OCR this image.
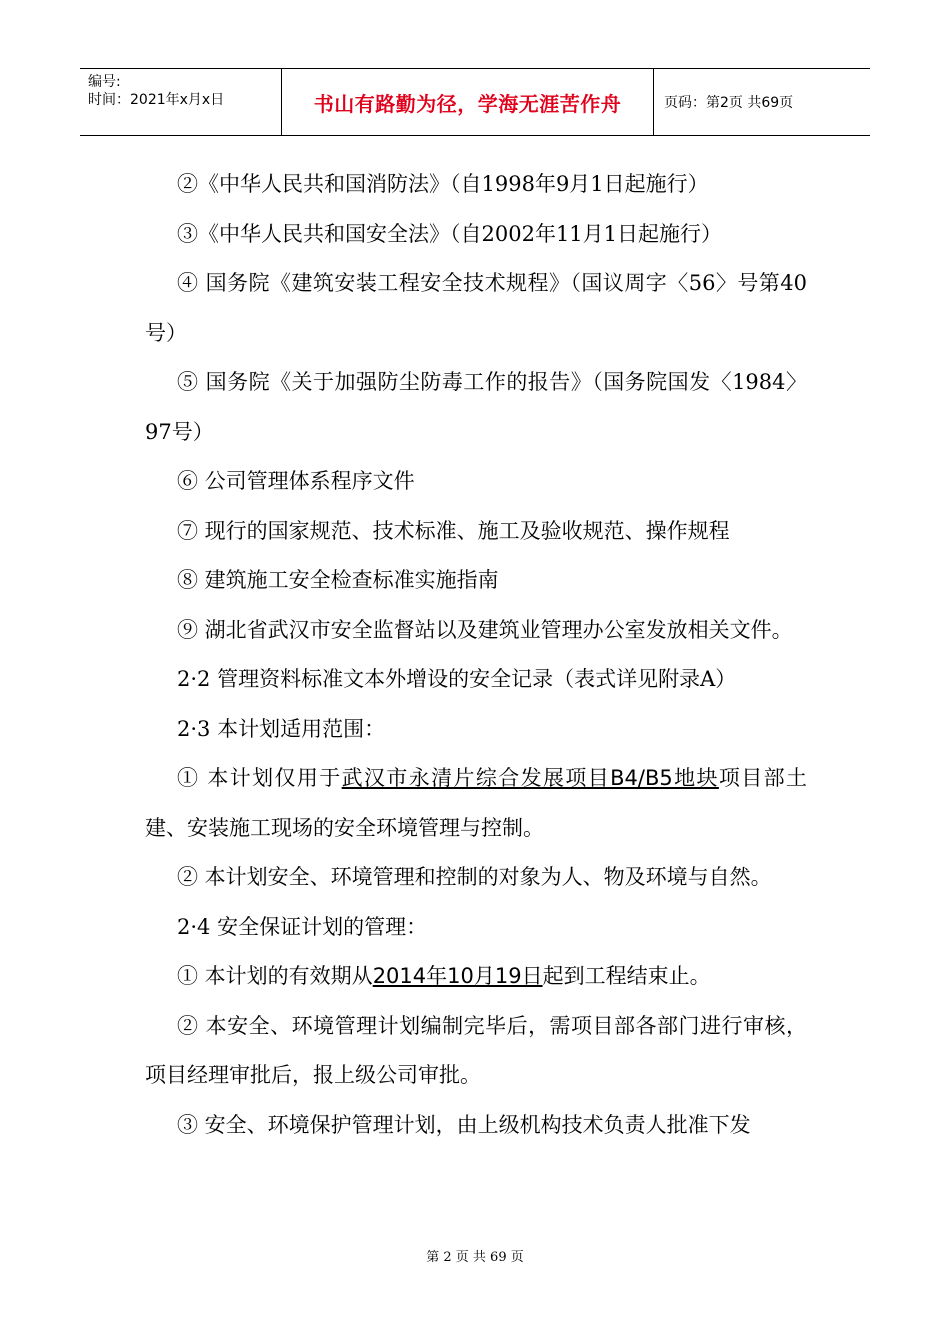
编号:
时间：2021年x月x日	书山有路勤为径，学海无涯苦作舟	页码：第2页 共69页

②《中华人民共和国消防法》（自1998年9月1日起施行）

③《中华人民共和国安全法》（自2002年11月1日起施行）

④ 国务院《建筑安装工程安全技术规程》（国议周字〈56〉号第40号）

⑤ 国务院《关于加强防尘防毒工作的报告》（国务院国发〈1984〉97号）

⑥ 公司管理体系程序文件

⑦ 现行的国家规范、技术标准、施工及验收规范、操作规程

⑧ 建筑施工安全检查标准实施指南

⑨ 湖北省武汉市安全监督站以及建筑业管理办公室发放相关文件。

2·2 管理资料标准文本外增设的安全记录（表式详见附录A）

2·3 本计划适用范围：

① 本计划仅用于武汉市永清片综合发展项目B4/B5地块项目部土建、安装施工现场的安全环境管理与控制。

② 本计划安全、环境管理和控制的对象为人、物及环境与自然。

2·4 安全保证计划的管理：

① 本计划的有效期从2014年10月19日起到工程结束止。

② 本安全、环境管理计划编制完毕后，需项目部各部门进行审核，项目经理审批后，报上级公司审批。

③ 安全、环境保护管理计划，由上级机构技术负责人批准下发

第 2 页 共 69 页
